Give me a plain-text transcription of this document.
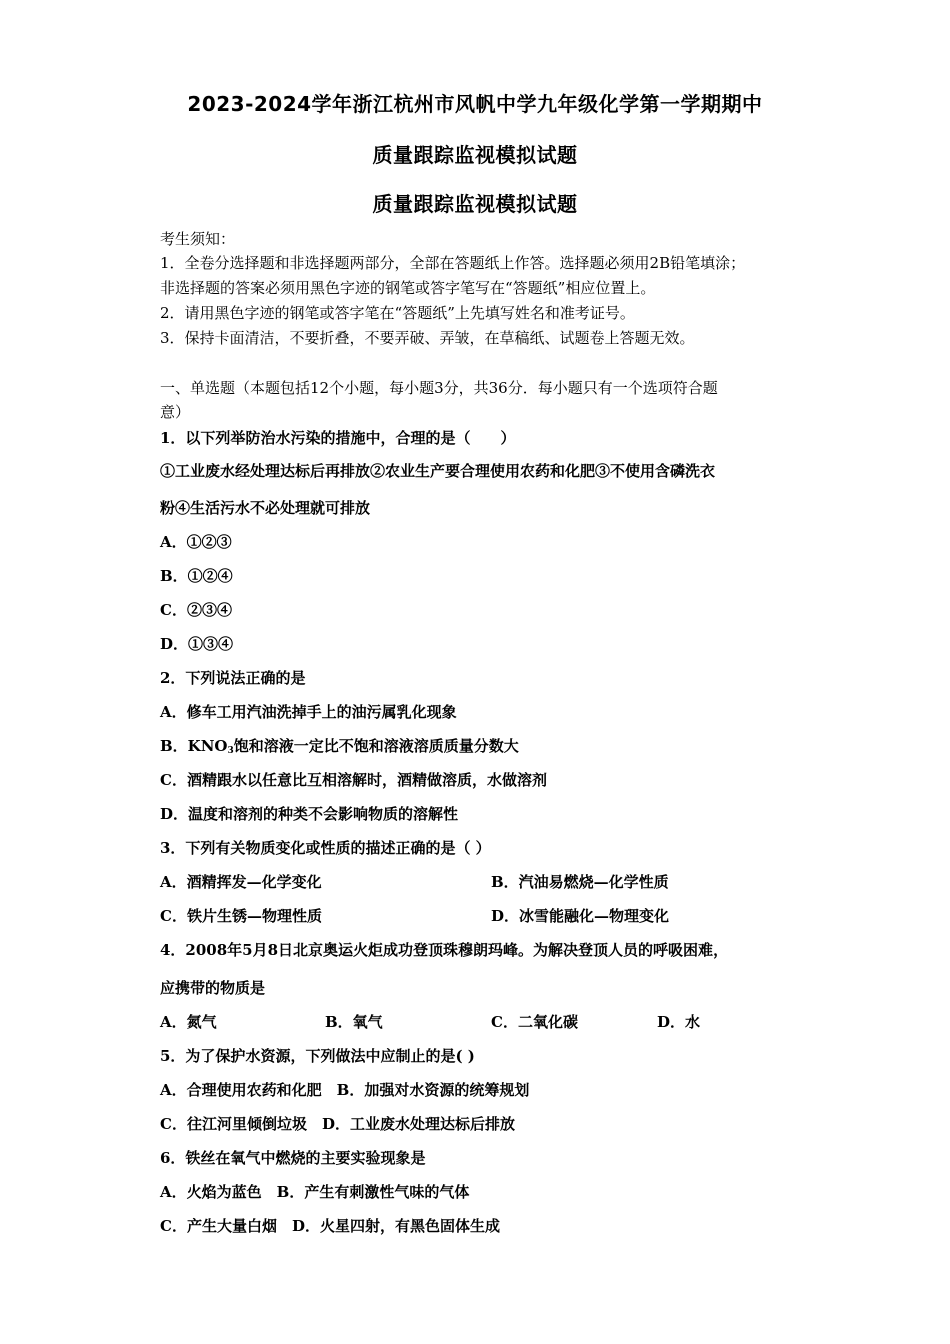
2023-2024学年浙江杭州市风帆中学九年级化学第一学期期中
质量跟踪监视模拟试题
质量跟踪监视模拟试题
考生须知：
1．全卷分选择题和非选择题两部分，全部在答题纸上作答。选择题必须用2B铅笔填涂；
非选择题的答案必须用黑色字迹的钢笔或答字笔写在“答题纸”相应位置上。
2．请用黑色字迹的钢笔或答字笔在“答题纸”上先填写姓名和准考证号。
3．保持卡面清洁，不要折叠，不要弄破、弄皱，在草稿纸、试题卷上答题无效。
一、单选题（本题包括12个小题，每小题3分，共36分．每小题只有一个选项符合题
意）
1．以下列举防治水污染的措施中，合理的是（　　）
①工业废水经处理达标后再排放②农业生产要合理使用农药和化肥③不使用含磷洗衣
粉④生活污水不必处理就可排放
A．①②③
B．①②④
C．②③④
D．①③④
2．下列说法正确的是
A．修车工用汽油洗掉手上的油污属乳化现象
B．$KNO_3$饱和溶液一定比不饱和溶液溶质质量分数大
C．酒精跟水以任意比互相溶解时，酒精做溶质，水做溶剂
D．温度和溶剂的种类不会影响物质的溶解性
3．下列有关物质变化或性质的描述正确的是（ ）
A．酒精挥发—化学变化	B．汽油易燃烧—化学性质
C．铁片生锈—物理性质	D．冰雪能融化—物理变化
4．2008年5月8日北京奥运火炬成功登顶珠穆朗玛峰。为解决登顶人员的呼吸困难，
应携带的物质是
A．氮气	B．氧气	C．二氧化碳	D．水
5．为了保护水资源，下列做法中应制止的是( )
A．合理使用农药和化肥　B．加强对水资源的统筹规划
C．往江河里倾倒垃圾　D．工业废水处理达标后排放
6．铁丝在氧气中燃烧的主要实验现象是
A．火焰为蓝色　B．产生有刺激性气味的气体
C．产生大量白烟　D．火星四射，有黑色固体生成
